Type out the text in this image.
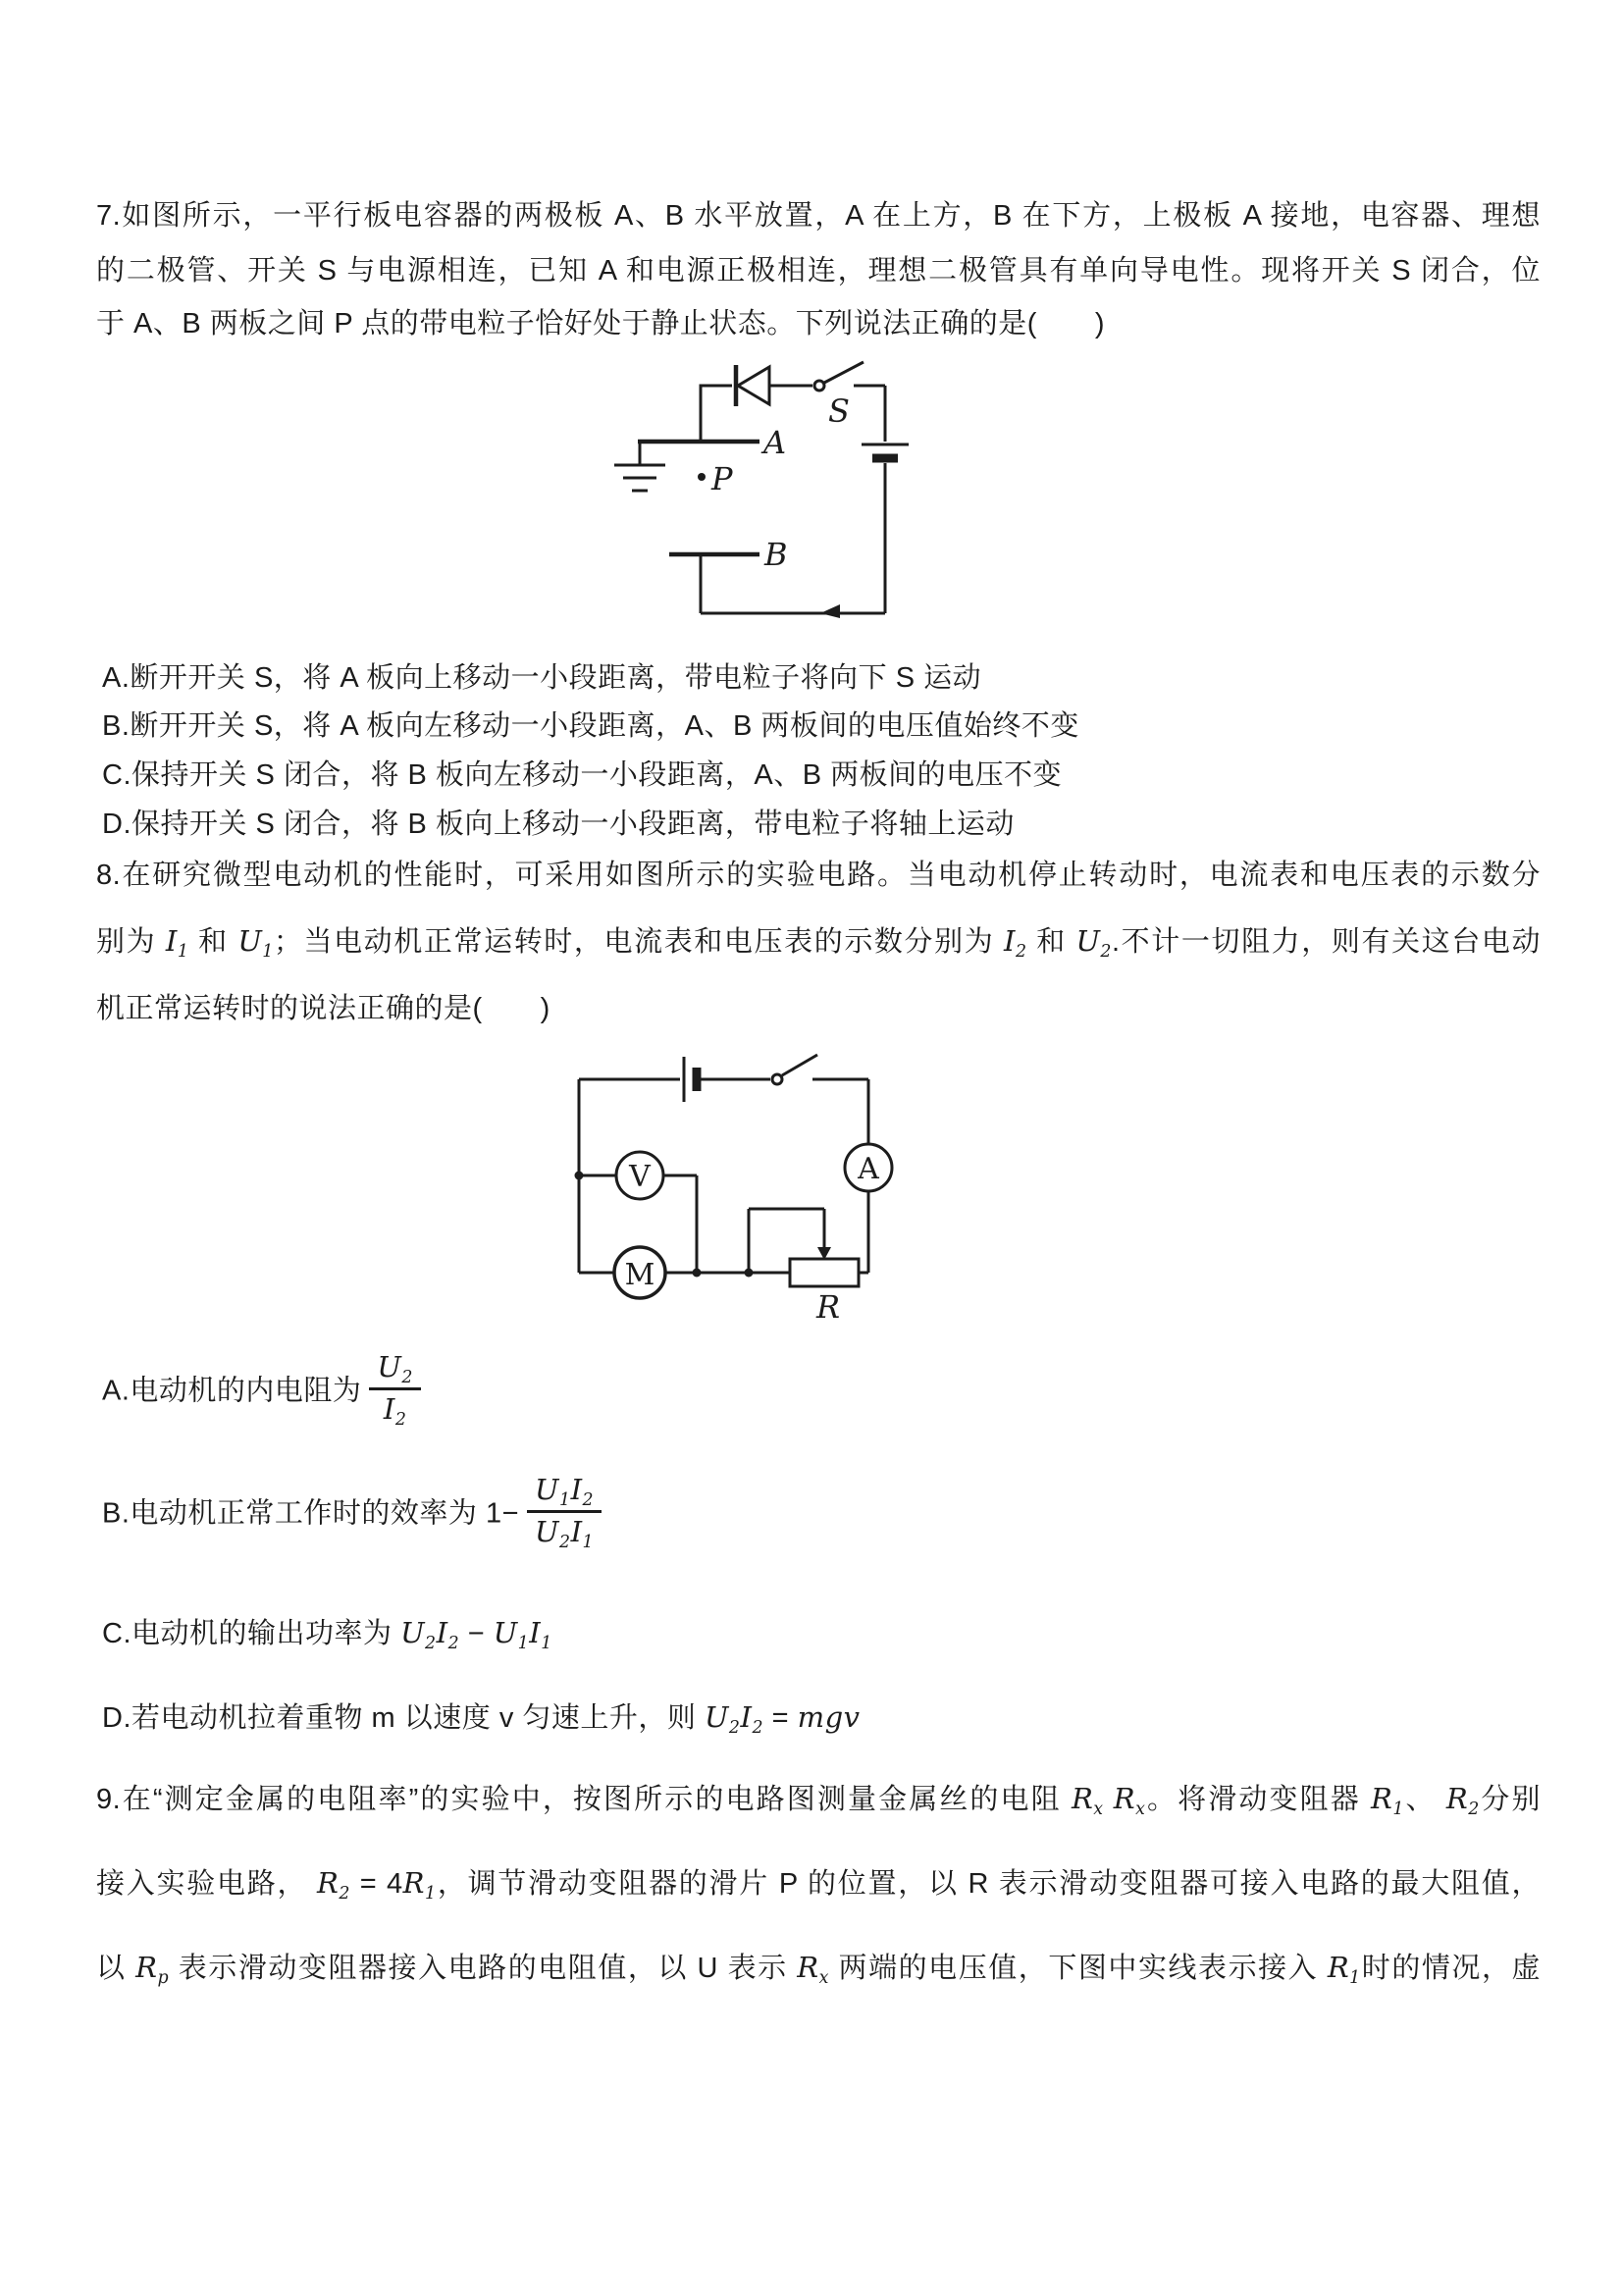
7.如图所示，一平行板电容器的两极板 A、B 水平放置，A 在上方，B 在下方，上极板 A 接地，电容器、理想
的二极管、开关 S 与电源相连，已知 A 和电源正极相连，理想二极管具有单向导电性。现将开关 S 闭合，位
于 A、B 两板之间 P 点的带电粒子恰好处于静止状态。下列说法正确的是(　　)
S
B
A
P
A.断开开关 S，将 A 板向上移动一小段距离，带电粒子将向下 S 运动
B.断开开关 S，将 A 板向左移动一小段距离，A、B 两板间的电压值始终不变
C.保持开关 S 闭合，将 B 板向左移动一小段距离，A、B 两板间的电压不变
D.保持开关 S 闭合，将 B 板向上移动一小段距离，带电粒子将轴上运动
8.在研究微型电动机的性能时，可采用如图所示的实验电路。当电动机停止转动时，电流表和电压表的示数分
别为 $I_1$ 和 $U_1$；当电动机正常运转时，电流表和电压表的示数分别为 $I_2$ 和 $U_2$.不计一切阻力，则有关这台电动
机正常运转时的说法正确的是(　　)
A
V
M
R
A.电动机的内电阻为 $\frac{U_2}{I_2}$
B.电动机正常工作时的效率为 $1- \frac{U_1I_2}{U_2I_1}$
C.电动机的输出功率为 $U_2I_2 - U_1I_1$
D.若电动机拉着重物 m 以速度 v 匀速上升，则 $U_2I_2$ = mgv
9.在“测定金属的电阻率”的实验中，按图所示的电路图测量金属丝的电阻 $R_x$ $R_x$。将滑动变阻器 $R_1$、 $R_2$分别
接入实验电路， $R_2 = 4R_1$，调节滑动变阻器的滑片 P 的位置，以 R 表示滑动变阻器可接入电路的最大阻值，
以 $R_p$ 表示滑动变阻器接入电路的电阻值，以 U 表示 $R_x$ 两端的电压值，下图中实线表示接入 $R_1$时的情况，虚
